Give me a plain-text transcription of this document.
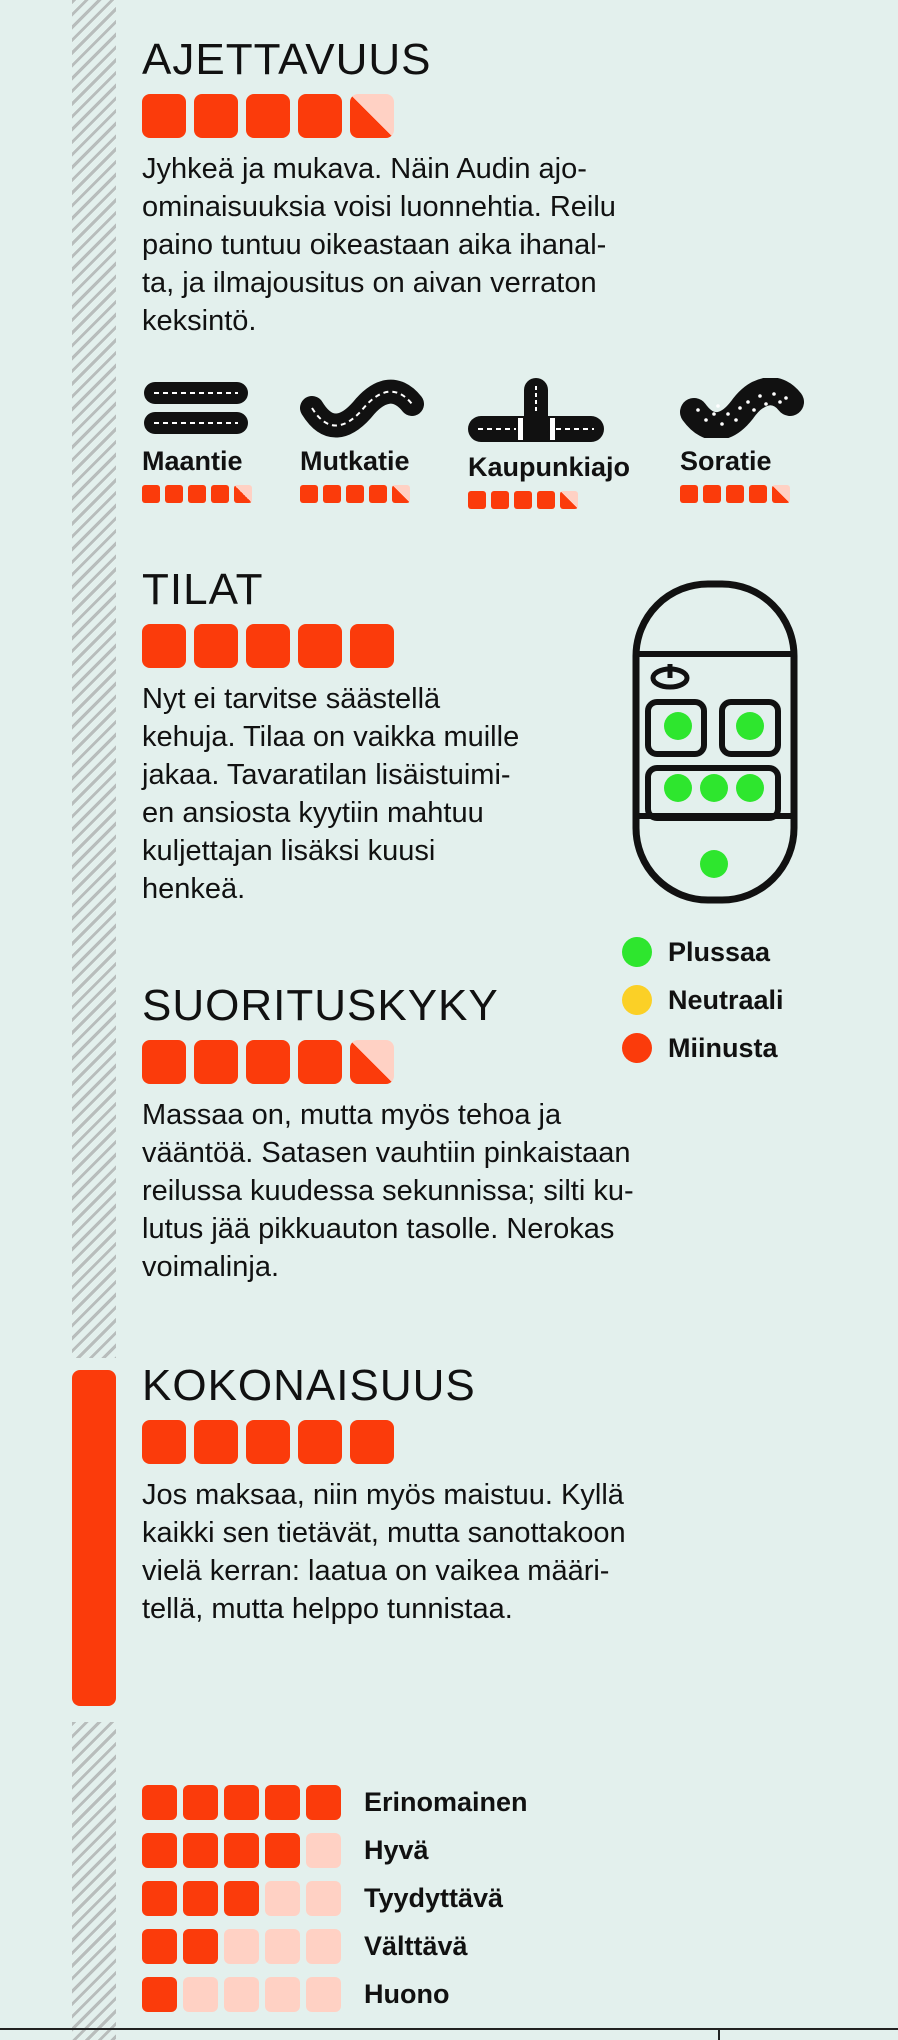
AJETTAVUUS
Jyhkeä ja mukava. Näin Audin ajo-
ominaisuuksia voisi luonnehtia. Reilu
paino tuntuu oikeastaan aika ihanal-
ta, ja ilmajousitus on aivan verraton
keksintö.
Maantie	Mutkatie	Kaupunkiajo Soratie
TILAT
Nyt ei tarvitse säästellä
kehuja. Tilaa on vaikka muille
jakaa. Tavaratilan lisäistuimi-
en ansiosta kyytiin mahtuu
kuljettajan lisäksi kuusi
henkeä.
Plussaa
Neutraali
Miinusta
SUORITUSKYKY
Massaa on, mutta myös tehoa ja
vääntöä. Satasen vauhtiin pinkaistaan
reilussa kuudessa sekunnissa; silti ku-
lutus jää pikkuauton tasolle. Nerokas
voimalinja.
KOKONAISUUS
Jos maksaa, niin myös maistuu. Kyllä
kaikki sen tietävät, mutta sanottakoon
vielä kerran: laatua on vaikea määri-
tellä, mutta helppo tunnistaa.
Erinomainen
Hyvä
Tyydyttävä
Välttävä
Huono
